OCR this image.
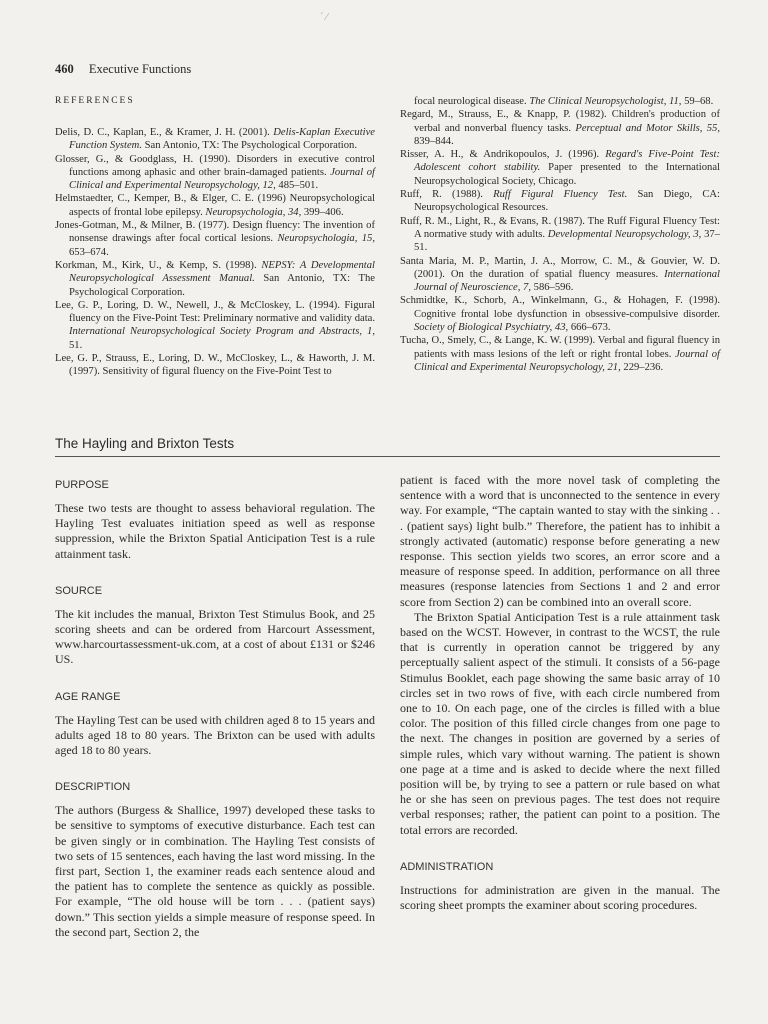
´ ⁄
460 Executive Functions
REFERENCES

Delis, D. C., Kaplan, E., & Kramer, J. H. (2001). Delis-Kaplan Executive Function System. San Antonio, TX: The Psychological Corporation.

Glosser, G., & Goodglass, H. (1990). Disorders in executive control functions among aphasic and other brain-damaged patients. Journal of Clinical and Experimental Neuropsychology, 12, 485–501.

Helmstaedter, C., Kemper, B., & Elger, C. E. (1996) Neuropsychological aspects of frontal lobe epilepsy. Neuropsychologia, 34, 399–406.

Jones-Gotman, M., & Milner, B. (1977). Design fluency: The invention of nonsense drawings after focal cortical lesions. Neuropsychologia, 15, 653–674.

Korkman, M., Kirk, U., & Kemp, S. (1998). NEPSY: A Developmental Neuropsychological Assessment Manual. San Antonio, TX: The Psychological Corporation.

Lee, G. P., Loring, D. W., Newell, J., & McCloskey, L. (1994). Figural fluency on the Five-Point Test: Preliminary normative and validity data. International Neuropsychological Society Program and Abstracts, 1, 51.

Lee, G. P., Strauss, E., Loring, D. W., McCloskey, L., & Haworth, J. M. (1997). Sensitivity of figural fluency on the Five-Point Test to

focal neurological disease. The Clinical Neuropsychologist, 11, 59–68.

Regard, M., Strauss, E., & Knapp, P. (1982). Children's production of verbal and nonverbal fluency tasks. Perceptual and Motor Skills, 55, 839–844.

Risser, A. H., & Andrikopoulos, J. (1996). Regard's Five-Point Test: Adolescent cohort stability. Paper presented to the International Neuropsychological Society, Chicago.

Ruff, R. (1988). Ruff Figural Fluency Test. San Diego, CA: Neuropsychological Resources.

Ruff, R. M., Light, R., & Evans, R. (1987). The Ruff Figural Fluency Test: A normative study with adults. Developmental Neuropsychology, 3, 37–51.

Santa Maria, M. P., Martin, J. A., Morrow, C. M., & Gouvier, W. D. (2001). On the duration of spatial fluency measures. International Journal of Neuroscience, 7, 586–596.

Schmidtke, K., Schorb, A., Winkelmann, G., & Hohagen, F. (1998). Cognitive frontal lobe dysfunction in obsessive-compulsive disorder. Society of Biological Psychiatry, 43, 666–673.

Tucha, O., Smely, C., & Lange, K. W. (1999). Verbal and figural fluency in patients with mass lesions of the left or right frontal lobes. Journal of Clinical and Experimental Neuropsychology, 21, 229–236.

The Hayling and Brixton Tests
PURPOSE

These two tests are thought to assess behavioral regulation. The Hayling Test evaluates initiation speed as well as response suppression, while the Brixton Spatial Anticipation Test is a rule attainment task.

SOURCE

The kit includes the manual, Brixton Test Stimulus Book, and 25 scoring sheets and can be ordered from Harcourt Assessment, www.harcourtassessment-uk.com, at a cost of about £131 or $246 US.

AGE RANGE

The Hayling Test can be used with children aged 8 to 15 years and adults aged 18 to 80 years. The Brixton can be used with adults aged 18 to 80 years.

DESCRIPTION

The authors (Burgess & Shallice, 1997) developed these tasks to be sensitive to symptoms of executive disturbance. Each test can be given singly or in combination. The Hayling Test consists of two sets of 15 sentences, each having the last word missing. In the first part, Section 1, the examiner reads each sentence aloud and the patient has to complete the sentence as quickly as possible. For example, “The old house will be torn . . . (patient says) down.” This section yields a simple measure of response speed. In the second part, Section 2, the

patient is faced with the more novel task of completing the sentence with a word that is unconnected to the sentence in every way. For example, “The captain wanted to stay with the sinking . . . (patient says) light bulb.” Therefore, the patient has to inhibit a strongly activated (automatic) response before generating a new response. This section yields two scores, an error score and a measure of response speed. In addition, performance on all three measures (response latencies from Sections 1 and 2 and error score from Section 2) can be combined into an overall score.

The Brixton Spatial Anticipation Test is a rule attainment task based on the WCST. However, in contrast to the WCST, the rule that is currently in operation cannot be triggered by any perceptually salient aspect of the stimuli. It consists of a 56-page Stimulus Booklet, each page showing the same basic array of 10 circles set in two rows of five, with each circle numbered from one to 10. On each page, one of the circles is filled with a blue color. The position of this filled circle changes from one page to the next. The changes in position are governed by a series of simple rules, which vary without warning. The patient is shown one page at a time and is asked to decide where the next filled position will be, by trying to see a pattern or rule based on what he or she has seen on previous pages. The test does not require verbal responses; rather, the patient can point to a position. The total errors are recorded.

ADMINISTRATION

Instructions for administration are given in the manual. The scoring sheet prompts the examiner about scoring procedures.
